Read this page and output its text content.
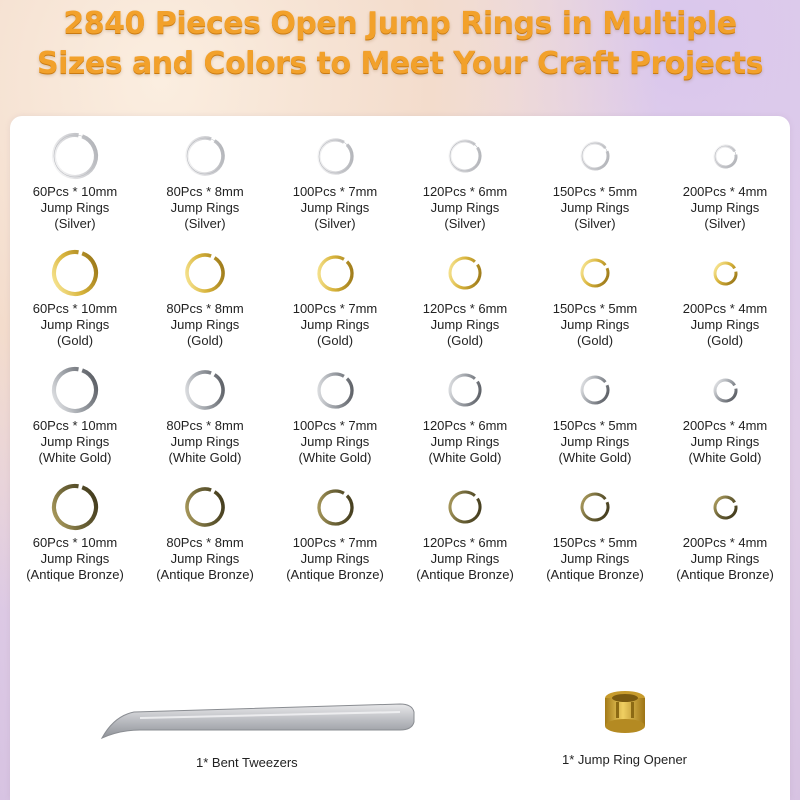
2840 Pieces Open Jump Rings in Multiple
Sizes and Colors to Meet Your Craft Projects
60Pcs * 10mm
Jump Rings
(Silver)
80Pcs * 8mm
Jump Rings
(Silver)
100Pcs * 7mm
Jump Rings
(Silver)
120Pcs * 6mm
Jump Rings
(Silver)
150Pcs * 5mm
Jump Rings
(Silver)
200Pcs * 4mm
Jump Rings
(Silver)
60Pcs * 10mm
Jump Rings
(Gold)
80Pcs * 8mm
Jump Rings
(Gold)
100Pcs * 7mm
Jump Rings
(Gold)
120Pcs * 6mm
Jump Rings
(Gold)
150Pcs * 5mm
Jump Rings
(Gold)
200Pcs * 4mm
Jump Rings
(Gold)
60Pcs * 10mm
Jump Rings
(White Gold)
80Pcs * 8mm
Jump Rings
(White Gold)
100Pcs * 7mm
Jump Rings
(White Gold)
120Pcs * 6mm
Jump Rings
(White Gold)
150Pcs * 5mm
Jump Rings
(White Gold)
200Pcs * 4mm
Jump Rings
(White Gold)
60Pcs * 10mm
Jump Rings
(Antique Bronze)
80Pcs * 8mm
Jump Rings
(Antique Bronze)
100Pcs * 7mm
Jump Rings
(Antique Bronze)
120Pcs * 6mm
Jump Rings
(Antique Bronze)
150Pcs * 5mm
Jump Rings
(Antique Bronze)
200Pcs * 4mm
Jump Rings
(Antique Bronze)
1* Bent Tweezers	1* Jump Ring Opener
